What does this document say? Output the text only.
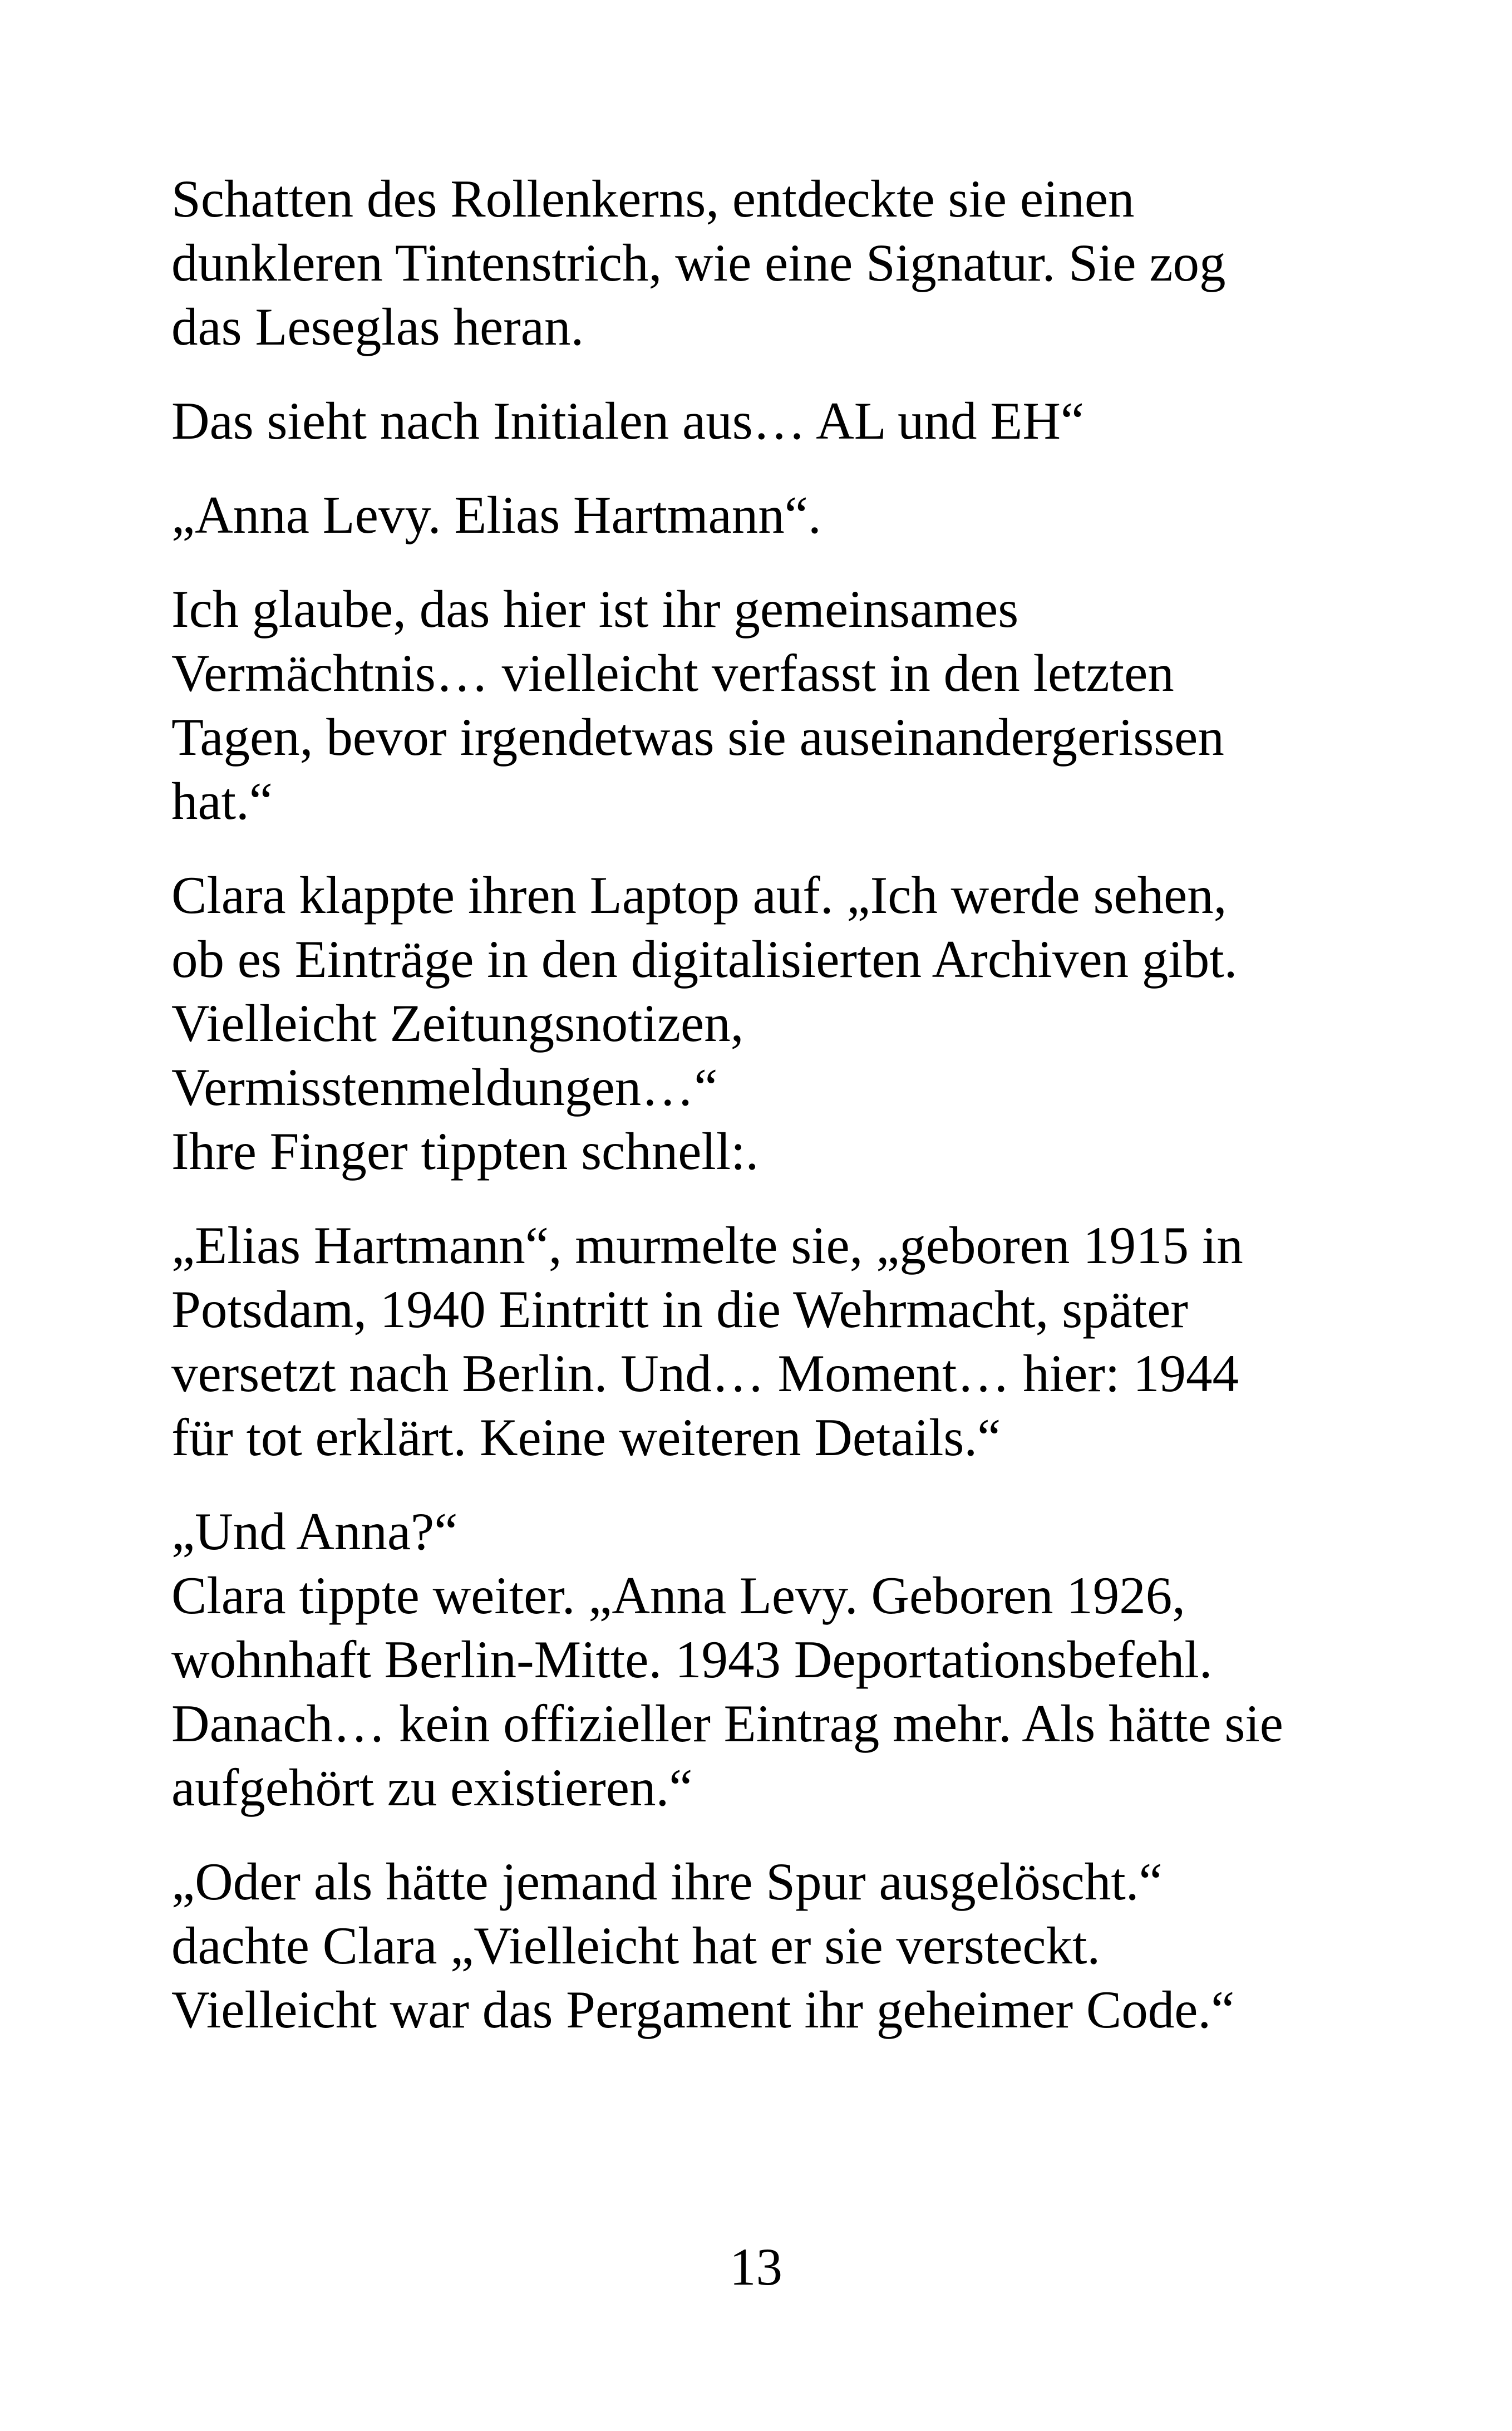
Schatten des Rollenkerns, entdeckte sie einen
dunkleren Tintenstrich, wie eine Signatur. Sie zog
das Leseglas heran.

Das sieht nach Initialen aus… AL und EH“

„Anna Levy. Elias Hartmann“.

Ich glaube, das hier ist ihr gemeinsames
Vermächtnis… vielleicht verfasst in den letzten
Tagen, bevor irgendetwas sie auseinandergerissen
hat.“

Clara klappte ihren Laptop auf. „Ich werde sehen,
ob es Einträge in den digitalisierten Archiven gibt.
Vielleicht Zeitungsnotizen,
Vermisstenmeldungen…“
Ihre Finger tippten schnell:.

„Elias Hartmann“, murmelte sie, „geboren 1915 in
Potsdam, 1940 Eintritt in die Wehrmacht, später
versetzt nach Berlin. Und… Moment… hier: 1944
für tot erklärt. Keine weiteren Details.“

„Und Anna?“
Clara tippte weiter. „Anna Levy. Geboren 1926,
wohnhaft Berlin-Mitte. 1943 Deportationsbefehl.
Danach… kein offizieller Eintrag mehr. Als hätte sie
aufgehört zu existieren.“

„Oder als hätte jemand ihre Spur ausgelöscht.“
dachte Clara „Vielleicht hat er sie versteckt.
Vielleicht war das Pergament ihr geheimer Code.“

13
